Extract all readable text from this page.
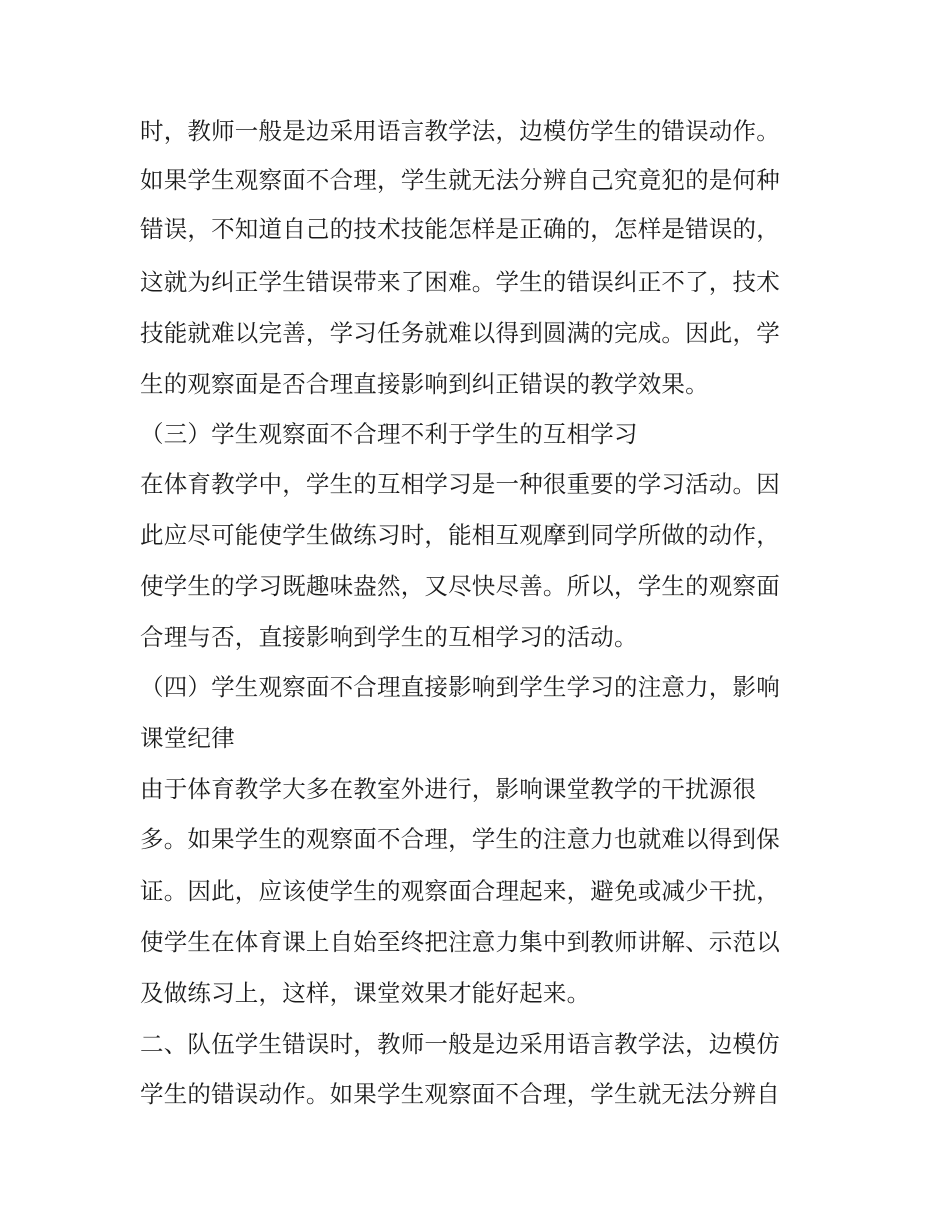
时，教师一般是边采用语言教学法，边模仿学生的错误动作。
如果学生观察面不合理，学生就无法分辨自己究竟犯的是何种
错误，不知道自己的技术技能怎样是正确的，怎样是错误的，
这就为纠正学生错误带来了困难。学生的错误纠正不了，技术
技能就难以完善，学习任务就难以得到圆满的完成。因此，学
生的观察面是否合理直接影响到纠正错误的教学效果。
（三）学生观察面不合理不利于学生的互相学习
在体育教学中，学生的互相学习是一种很重要的学习活动。因
此应尽可能使学生做练习时，能相互观摩到同学所做的动作，
使学生的学习既趣味盎然，又尽快尽善。所以，学生的观察面
合理与否，直接影响到学生的互相学习的活动。
（四）学生观察面不合理直接影响到学生学习的注意力，影响
课堂纪律
由于体育教学大多在教室外进行，影响课堂教学的干扰源很
多。如果学生的观察面不合理，学生的注意力也就难以得到保
证。因此，应该使学生的观察面合理起来，避免或减少干扰，
使学生在体育课上自始至终把注意力集中到教师讲解、示范以
及做练习上，这样，课堂效果才能好起来。
二、队伍学生错误时，教师一般是边采用语言教学法，边模仿
学生的错误动作。如果学生观察面不合理，学生就无法分辨自
